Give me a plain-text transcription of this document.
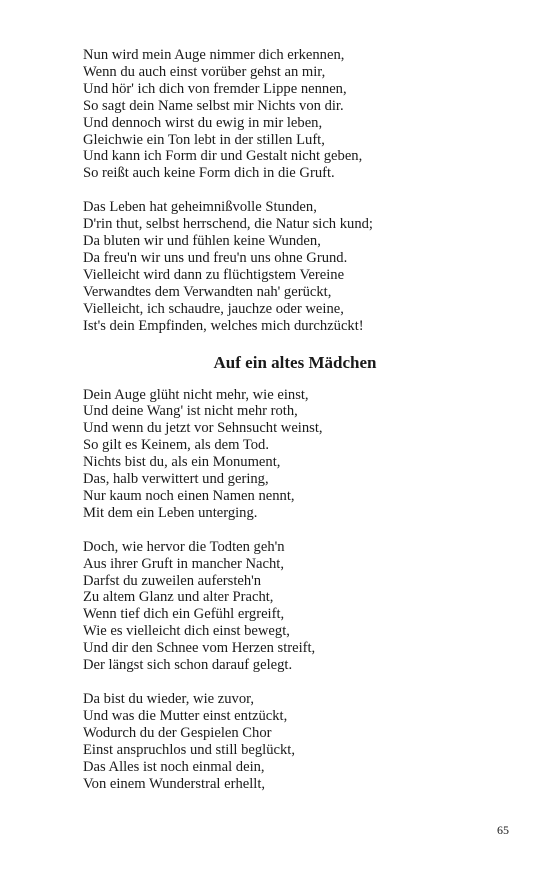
Nun wird mein Auge nimmer dich erkennen,
Wenn du auch einst vorüber gehst an mir,
Und hör' ich dich von fremder Lippe nennen,
So sagt dein Name selbst mir Nichts von dir.
Und dennoch wirst du ewig in mir leben,
Gleichwie ein Ton lebt in der stillen Luft,
Und kann ich Form dir und Gestalt nicht geben,
So reißt auch keine Form dich in die Gruft.
Das Leben hat geheimnißvolle Stunden,
D'rin thut, selbst herrschend, die Natur sich kund;
Da bluten wir und fühlen keine Wunden,
Da freu'n wir uns und freu'n uns ohne Grund.
Vielleicht wird dann zu flüchtigstem Vereine
Verwandtes dem Verwandten nah' gerückt,
Vielleicht, ich schaudre, jauchze oder weine,
Ist's dein Empfinden, welches mich durchzückt!
Auf ein altes Mädchen
Dein Auge glüht nicht mehr, wie einst,
Und deine Wang' ist nicht mehr roth,
Und wenn du jetzt vor Sehnsucht weinst,
So gilt es Keinem, als dem Tod.
Nichts bist du, als ein Monument,
Das, halb verwittert und gering,
Nur kaum noch einen Namen nennt,
Mit dem ein Leben unterging.
Doch, wie hervor die Todten geh'n
Aus ihrer Gruft in mancher Nacht,
Darfst du zuweilen aufersteh'n
Zu altem Glanz und alter Pracht,
Wenn tief dich ein Gefühl ergreift,
Wie es vielleicht dich einst bewegt,
Und dir den Schnee vom Herzen streift,
Der längst sich schon darauf gelegt.
Da bist du wieder, wie zuvor,
Und was die Mutter einst entzückt,
Wodurch du der Gespielen Chor
Einst anspruchlos und still beglückt,
Das Alles ist noch einmal dein,
Von einem Wunderstral erhellt,
65
